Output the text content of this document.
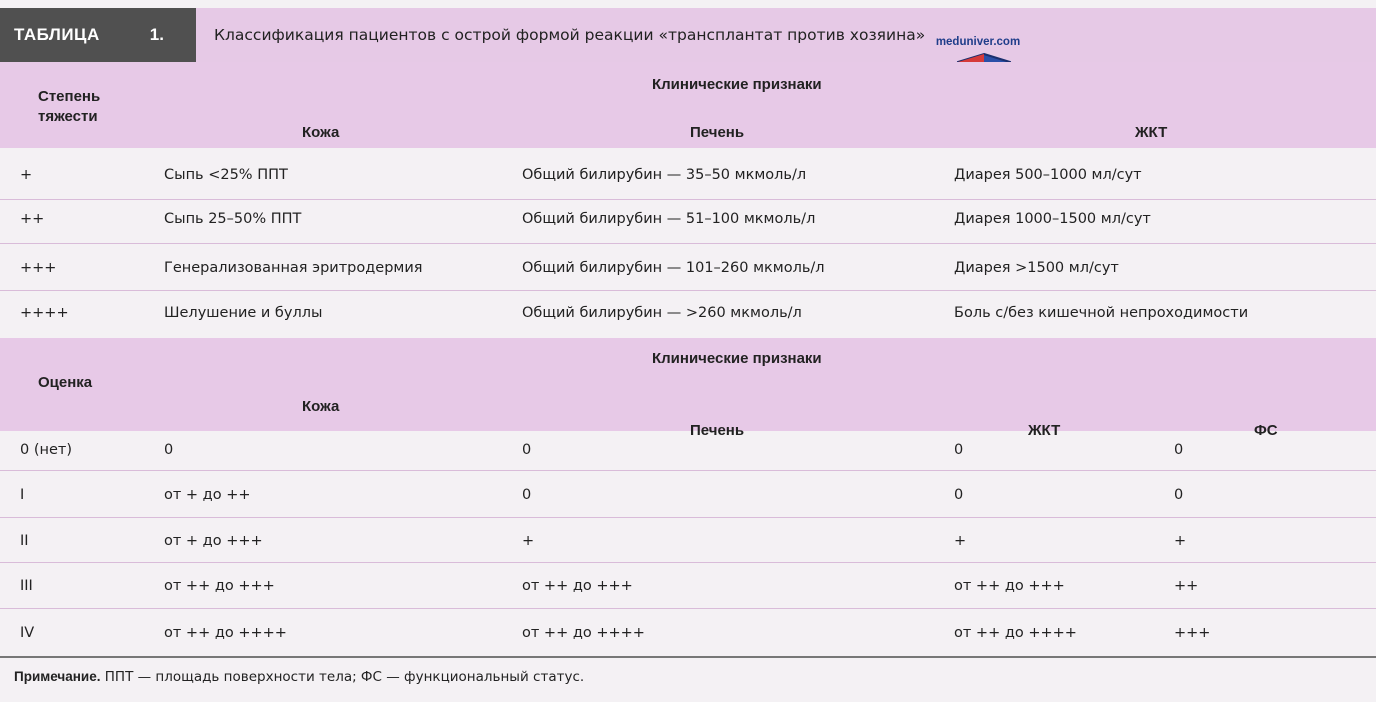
ТАБЛИЦА	1.	Классификация пациентов с острой формой реакции «трансплантат против хозяина» meduniver.com
Степень
тяжести
Клинические признаки
Кожа	Печень	ЖКТ
+	Сыпь <25% ППТ	Общий билирубин — 35–50 мкмоль/л	Диарея 500–1000 мл/сут
++	Сыпь 25–50% ППТ	Общий билирубин — 51–100 мкмоль/л	Диарея 1000–1500 мл/сут
+++	Генерализованная эритродермия	Общий билирубин — 101–260 мкмоль/л	Диарея >1500 мл/сут
++++	Шелушение и буллы	Общий билирубин — >260 мкмоль/л	Боль с/без кишечной непроходимости
Клинические признаки
Оценка
Кожа
Печень	ЖКТ	ФС
0 (нет)	0	0	0	0
I	от + до ++	0	0	0
II	от + до +++	+	+	+
III	от ++ до +++	от ++ до +++	от ++ до +++	++
IV	от ++ до ++++	от ++ до ++++	от ++ до ++++	+++
Примечание. ППТ — площадь поверхности тела; ФС — функциональный статус.
